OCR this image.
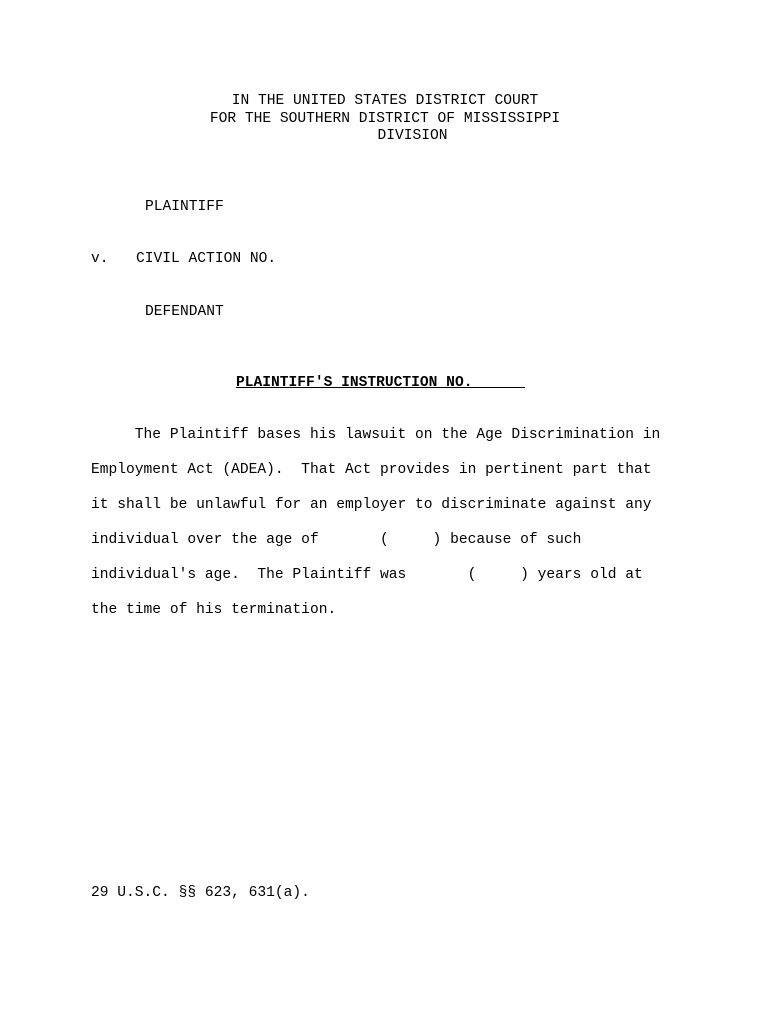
IN THE UNITED STATES DISTRICT COURT
FOR THE SOUTHERN DISTRICT OF MISSISSIPPI
DIVISION
PLAINTIFF
v. CIVIL ACTION NO.
DEFENDANT
PLAINTIFF'S INSTRUCTION NO.
The Plaintiff bases his lawsuit on the Age Discrimination in
Employment Act (ADEA).  That Act provides in pertinent part that
it shall be unlawful for an employer to discriminate against any
individual over the age of       (     ) because of such
individual's age.  The Plaintiff was       (     ) years old at
the time of his termination.
29 U.S.C. §§ 623, 631(a).
